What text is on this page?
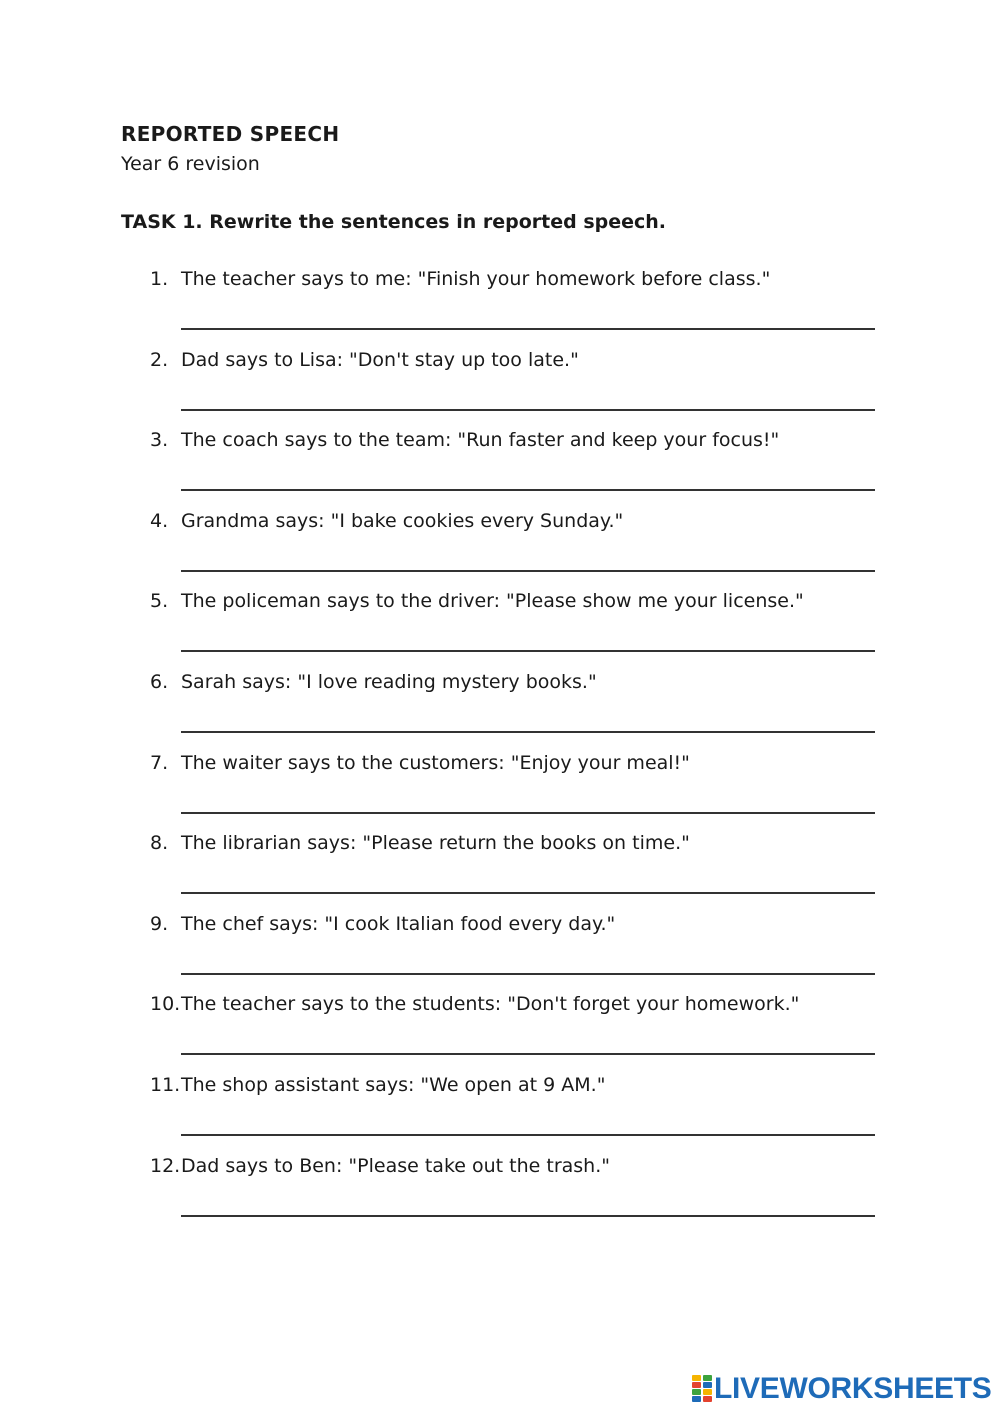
REPORTED SPEECH
Year 6 revision
TASK 1. Rewrite the sentences in reported speech.
1. The teacher says to me: "Finish your homework before class."
2. Dad says to Lisa: "Don't stay up too late."
3. The coach says to the team: "Run faster and keep your focus!"
4. Grandma says: "I bake cookies every Sunday."
5. The policeman says to the driver: "Please show me your license."
6. Sarah says: "I love reading mystery books."
7. The waiter says to the customers: "Enjoy your meal!"
8. The librarian says: "Please return the books on time."
9. The chef says: "I cook Italian food every day."
10. The teacher says to the students: "Don't forget your homework."
11. The shop assistant says: "We open at 9 AM."
12. Dad says to Ben: "Please take out the trash."
LIVEWORKSHEETS
